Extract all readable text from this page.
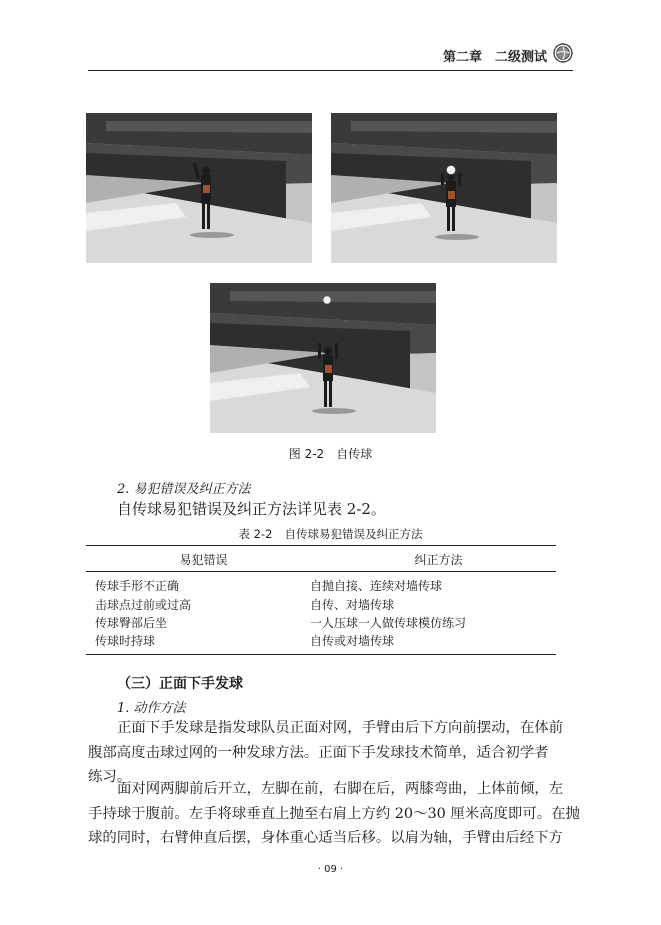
第二章　二级测试
图 2-2 自传球
2. 易犯错误及纠正方法
自传球易犯错误及纠正方法详见表 2-2。
表 2-2 自传球易犯错误及纠正方法
易犯错误	纠正方法
传球手形不正确	自抛自接、连续对墙传球
击球点过前或过高	自传、对墙传球
传球臀部后坐	一人压球一人做传球模仿练习
传球时持球	自传或对墙传球
（三）正面下手发球
1. 动作方法
正面下手发球是指发球队员正面对网，手臂由后下方向前摆动，在体前
腹部高度击球过网的一种发球方法。正面下手发球技术简单，适合初学者
练习。
面对网两脚前后开立，左脚在前，右脚在后，两膝弯曲，上体前倾，左
手持球于腹前。左手将球垂直上抛至右肩上方约 20～30 厘米高度即可。在抛
球的同时，右臂伸直后摆，身体重心适当后移。以肩为轴，手臂由后经下方
· 09 ·
